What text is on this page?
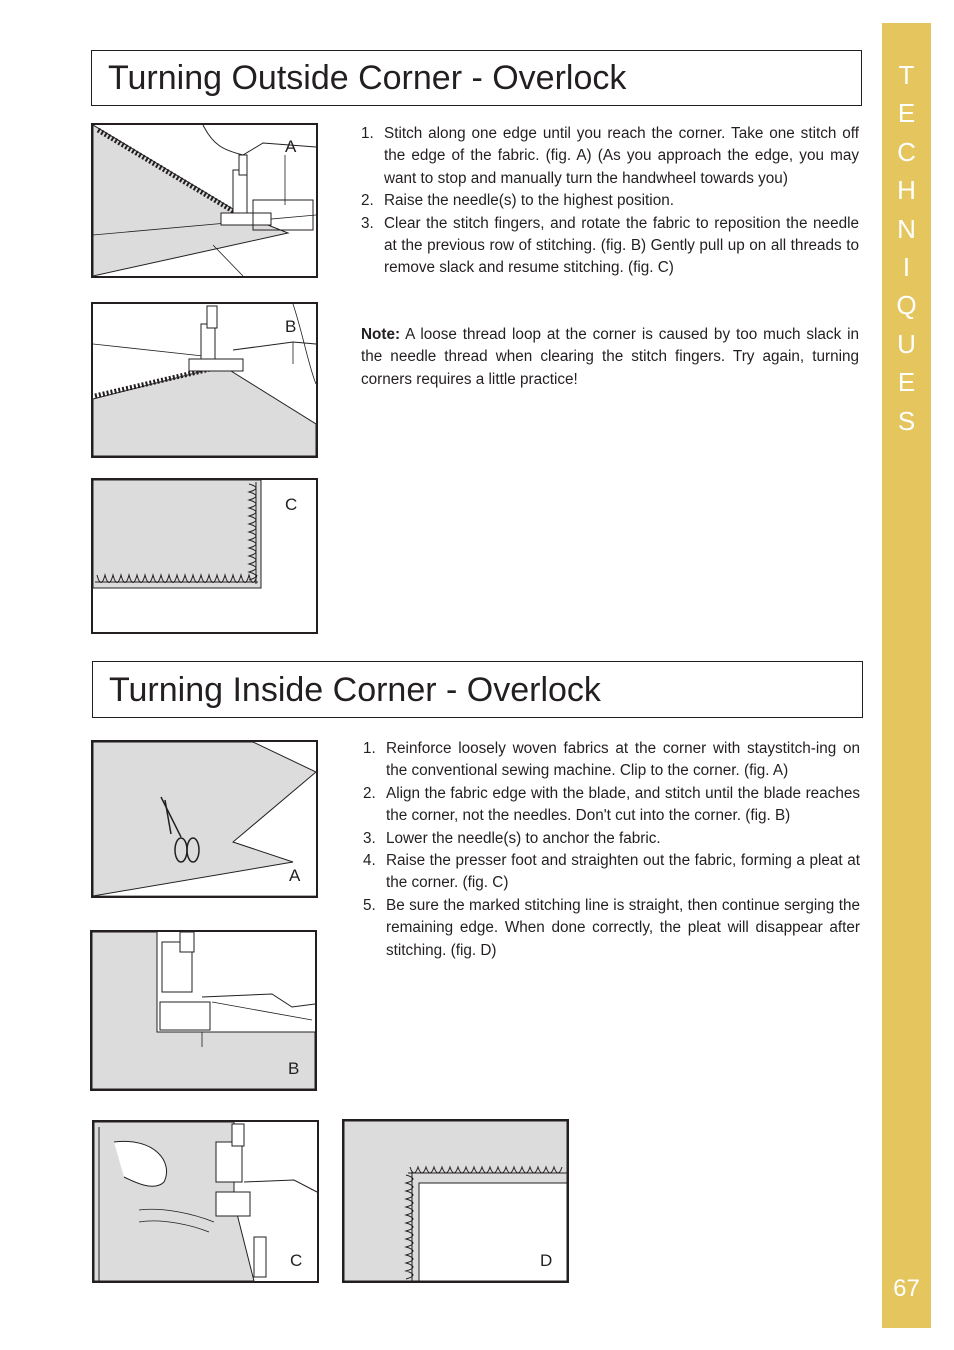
Turning Outside Corner - Overlock
A
B
C
1. Stitch along one edge until you reach the corner. Take one stitch off the edge of the fabric. (fig. A) (As you approach the edge, you may want to stop and manually turn the handwheel towards you)
2. Raise the needle(s) to the highest position.
3. Clear the stitch fingers, and rotate the fabric to reposition the needle at the previous row of stitching. (fig. B) Gently pull up on all threads to remove slack and resume stitching. (fig. C)

Note: A loose thread loop at the corner is caused by too much slack in the needle thread when clearing the stitch fingers. Try again, turning corners requires a little practice!

Turning Inside Corner - Overlock
A
B
C	D
1. Reinforce loosely woven fabrics at the corner with staystitch-ing on the conventional sewing machine. Clip to the corner. (fig. A)
2. Align the fabric edge with the blade, and stitch until the blade reaches the corner, not the needles. Don't cut into the corner. (fig. B)
3. Lower the needle(s) to anchor the fabric.
4. Raise the presser foot and straighten out the fabric, forming a pleat at the corner. (fig. C)
5. Be sure the marked stitching line is straight, then continue serging the remaining edge. When done correctly, the pleat will disappear after stitching. (fig. D)
T
E
C
H
N
I
Q
U
E
S
67
